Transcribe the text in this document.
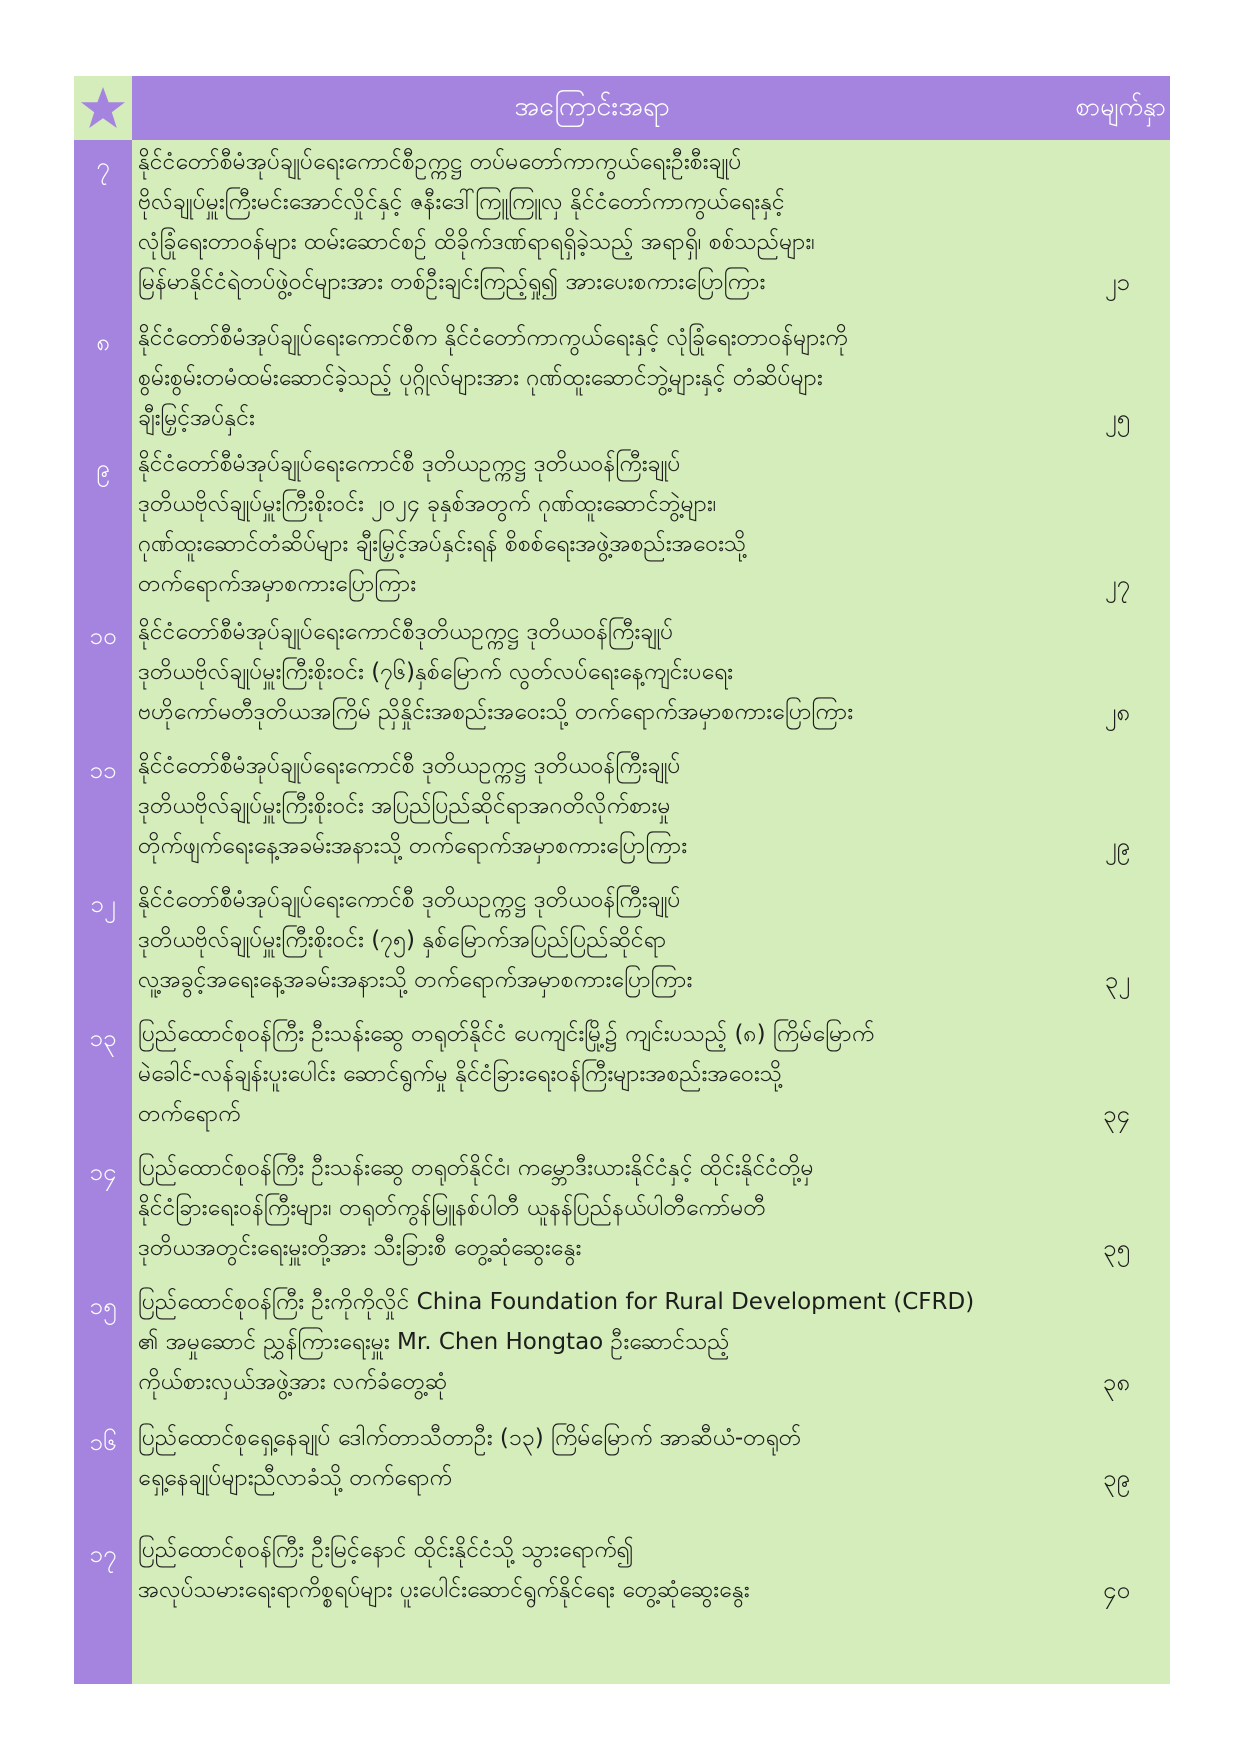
အကြောင်းအရာ	စာမျက်နှာ
၇	နိုင်ငံတော်စီမံအုပ်ချုပ်ရေးကောင်စီဥက္ကဋ္ဌ တပ်မတော်ကာကွယ်ရေးဦးစီးချုပ်
ဗိုလ်ချုပ်မှူးကြီးမင်းအောင်လှိုင်နှင့် ဇနီးဒေါ်ကြူကြူလှ နိုင်ငံတော်ကာကွယ်ရေးနှင့်
လုံခြုံရေးတာဝန်များ ထမ်းဆောင်စဉ် ထိခိုက်ဒဏ်ရာရရှိခဲ့သည့် အရာရှိ၊ စစ်သည်များ၊
မြန်မာနိုင်ငံရဲတပ်ဖွဲ့ဝင်များအား တစ်ဦးချင်းကြည့်ရှု၍ အားပေးစကားပြောကြား	၂၁
၈	နိုင်ငံတော်စီမံအုပ်ချုပ်ရေးကောင်စီက နိုင်ငံတော်ကာကွယ်ရေးနှင့် လုံခြုံရေးတာဝန်များကို
စွမ်းစွမ်းတမံထမ်းဆောင်ခဲ့သည့် ပုဂ္ဂိုလ်များအား ဂုဏ်ထူးဆောင်ဘွဲ့များနှင့် တံဆိပ်များ
ချီးမြှင့်အပ်နှင်း	၂၅
၉	နိုင်ငံတော်စီမံအုပ်ချုပ်ရေးကောင်စီ ဒုတိယဥက္ကဋ္ဌ ဒုတိယဝန်ကြီးချုပ်
ဒုတိယဗိုလ်ချုပ်မှူးကြီးစိုးဝင်း ၂၀၂၄ ခုနှစ်အတွက် ဂုဏ်ထူးဆောင်ဘွဲ့များ၊
ဂုဏ်ထူးဆောင်တံဆိပ်များ ချီးမြှင့်အပ်နှင်းရန် စိစစ်ရေးအဖွဲ့အစည်းအဝေးသို့
တက်ရောက်အမှာစကားပြောကြား	၂၇
၁၀ နိုင်ငံတော်စီမံအုပ်ချုပ်ရေးကောင်စီဒုတိယဥက္ကဋ္ဌ ဒုတိယဝန်ကြီးချုပ်
ဒုတိယဗိုလ်ချုပ်မှူးကြီးစိုးဝင်း (၇၆)နှစ်မြောက် လွတ်လပ်ရေးနေ့ကျင်းပရေး
ဗဟိုကော်မတီဒုတိယအကြိမ် ညှိနှိုင်းအစည်းအဝေးသို့ တက်ရောက်အမှာစကားပြောကြား	၂၈
၁၁ နိုင်ငံတော်စီမံအုပ်ချုပ်ရေးကောင်စီ ဒုတိယဥက္ကဋ္ဌ ဒုတိယဝန်ကြီးချုပ်
ဒုတိယဗိုလ်ချုပ်မှူးကြီးစိုးဝင်း အပြည်ပြည်ဆိုင်ရာအဂတိလိုက်စားမှု
တိုက်ဖျက်ရေးနေ့အခမ်းအနားသို့ တက်ရောက်အမှာစကားပြောကြား	၂၉
၁၂ နိုင်ငံတော်စီမံအုပ်ချုပ်ရေးကောင်စီ ဒုတိယဥက္ကဋ္ဌ ဒုတိယဝန်ကြီးချုပ်
ဒုတိယဗိုလ်ချုပ်မှူးကြီးစိုးဝင်း (၇၅) နှစ်မြောက်အပြည်ပြည်ဆိုင်ရာ
လူ့အခွင့်အရေးနေ့အခမ်းအနားသို့ တက်ရောက်အမှာစကားပြောကြား	၃၂
၁၃ ပြည်ထောင်စုဝန်ကြီး ဦးသန်းဆွေ တရုတ်နိုင်ငံ ပေကျင်းမြို့၌ ကျင်းပသည့် (၈) ကြိမ်မြောက်
မဲခေါင်-လန်ချန်းပူးပေါင်း ဆောင်ရွက်မှု နိုင်ငံခြားရေးဝန်ကြီးများအစည်းအဝေးသို့
တက်ရောက်	၃၄
၁၄ ပြည်ထောင်စုဝန်ကြီး ဦးသန်းဆွေ တရုတ်နိုင်ငံ၊ ကမ္ဘောဒီးယားနိုင်ငံနှင့် ထိုင်းနိုင်ငံတို့မှ
နိုင်ငံခြားရေးဝန်ကြီးများ၊ တရုတ်ကွန်မြူနစ်ပါတီ ယူနန်ပြည်နယ်ပါတီကော်မတီ
ဒုတိယအတွင်းရေးမှူးတို့အား သီးခြားစီ တွေ့ဆုံဆွေးနွေး	၃၅
၁၅ ပြည်ထောင်စုဝန်ကြီး ဦးကိုကိုလှိုင် China Foundation for Rural Development (CFRD)
၏ အမှုဆောင် ညွှန်ကြားရေးမှူး Mr. Chen Hongtao ဦးဆောင်သည့်
ကိုယ်စားလှယ်အဖွဲ့အား လက်ခံတွေ့ဆုံ	၃၈
၁၆ ပြည်ထောင်စုရှေ့နေချုပ် ဒေါက်တာသီတာဦး (၁၃) ကြိမ်မြောက် အာဆီယံ-တရုတ်
ရှေ့နေချုပ်များညီလာခံသို့ တက်ရောက်	၃၉
၁၇ ပြည်ထောင်စုဝန်ကြီး ဦးမြင့်နောင် ထိုင်းနိုင်ငံသို့ သွားရောက်၍
အလုပ်သမားရေးရာကိစ္စရပ်များ ပူးပေါင်းဆောင်ရွက်နိုင်ရေး တွေ့ဆုံဆွေးနွေး	၄၀
